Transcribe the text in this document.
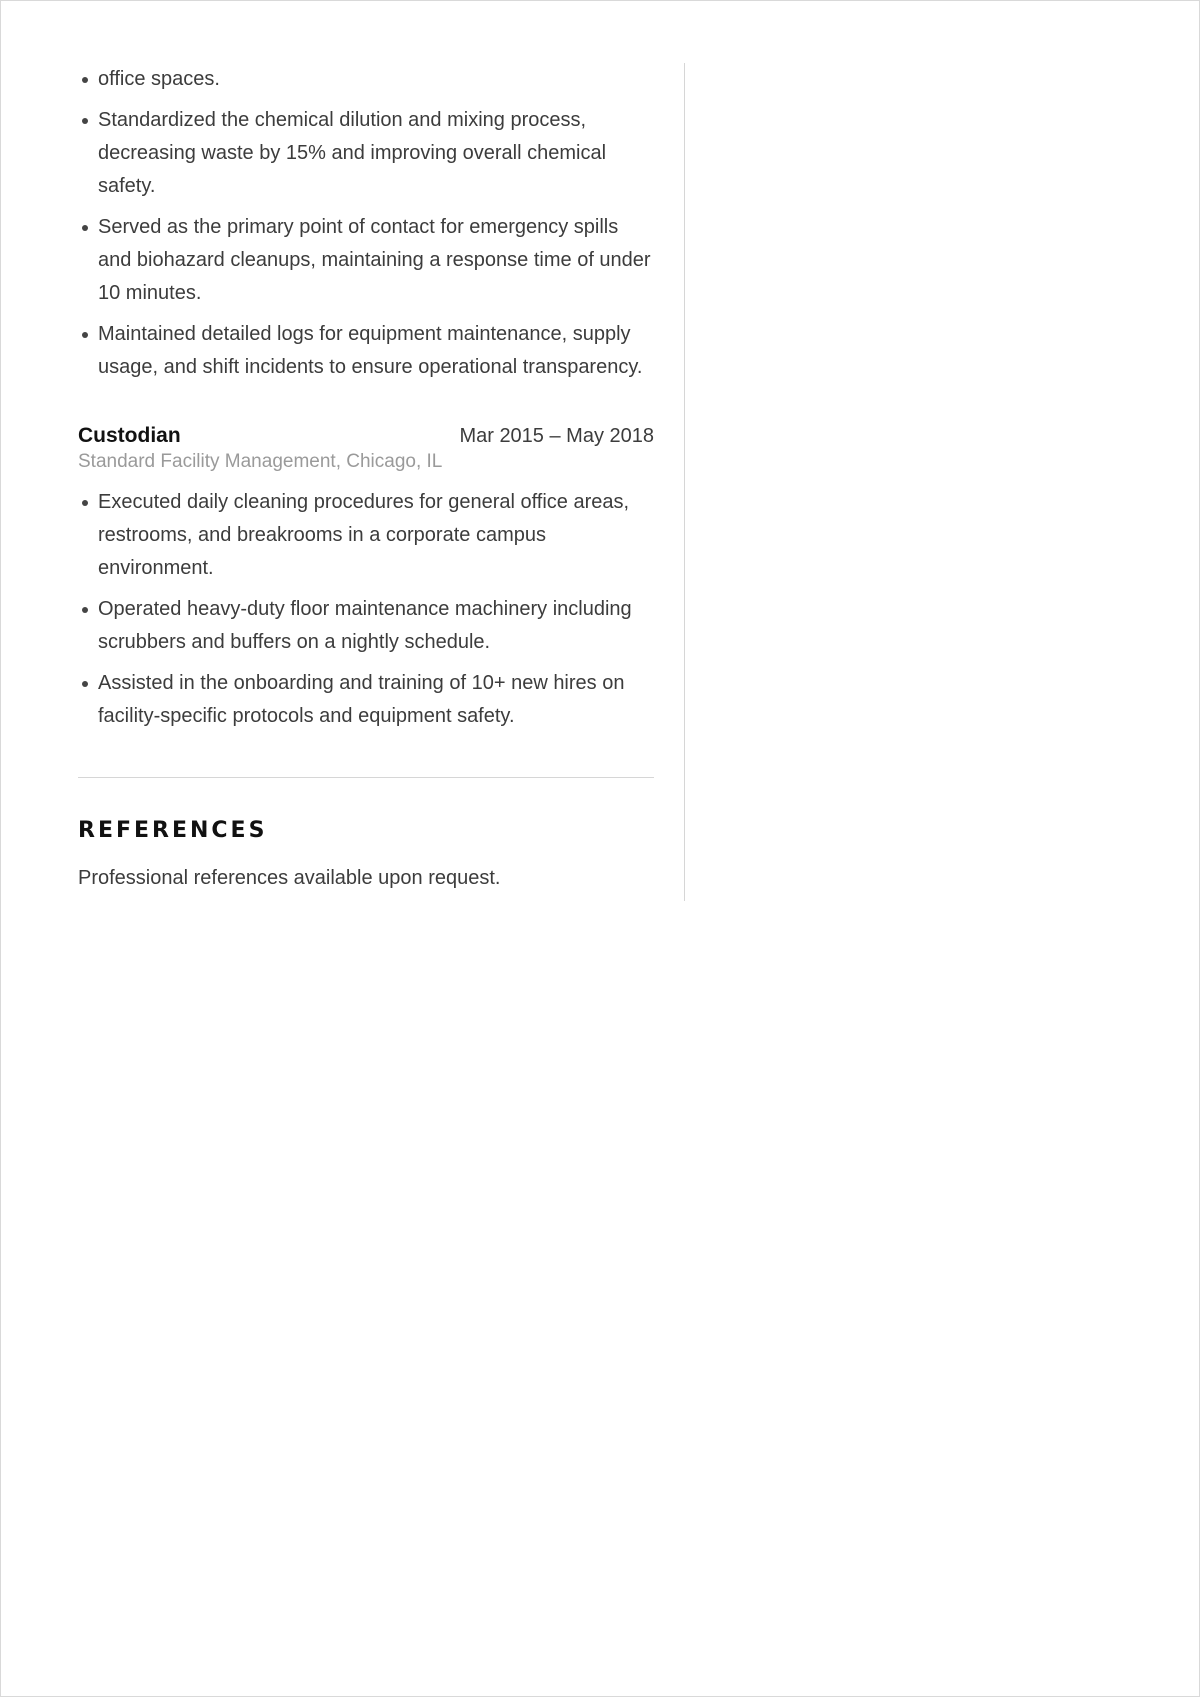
office spaces.
Standardized the chemical dilution and mixing process, decreasing waste by 15% and improving overall chemical safety.
Served as the primary point of contact for emergency spills and biohazard cleanups, maintaining a response time of under 10 minutes.
Maintained detailed logs for equipment maintenance, supply usage, and shift incidents to ensure operational transparency.
Custodian	Mar 2015 – May 2018
Standard Facility Management, Chicago, IL
Executed daily cleaning procedures for general office areas, restrooms, and breakrooms in a corporate campus environment.
Operated heavy-duty floor maintenance machinery including scrubbers and buffers on a nightly schedule.
Assisted in the onboarding and training of 10+ new hires on facility-specific protocols and equipment safety.
REFERENCES

Professional references available upon request.
